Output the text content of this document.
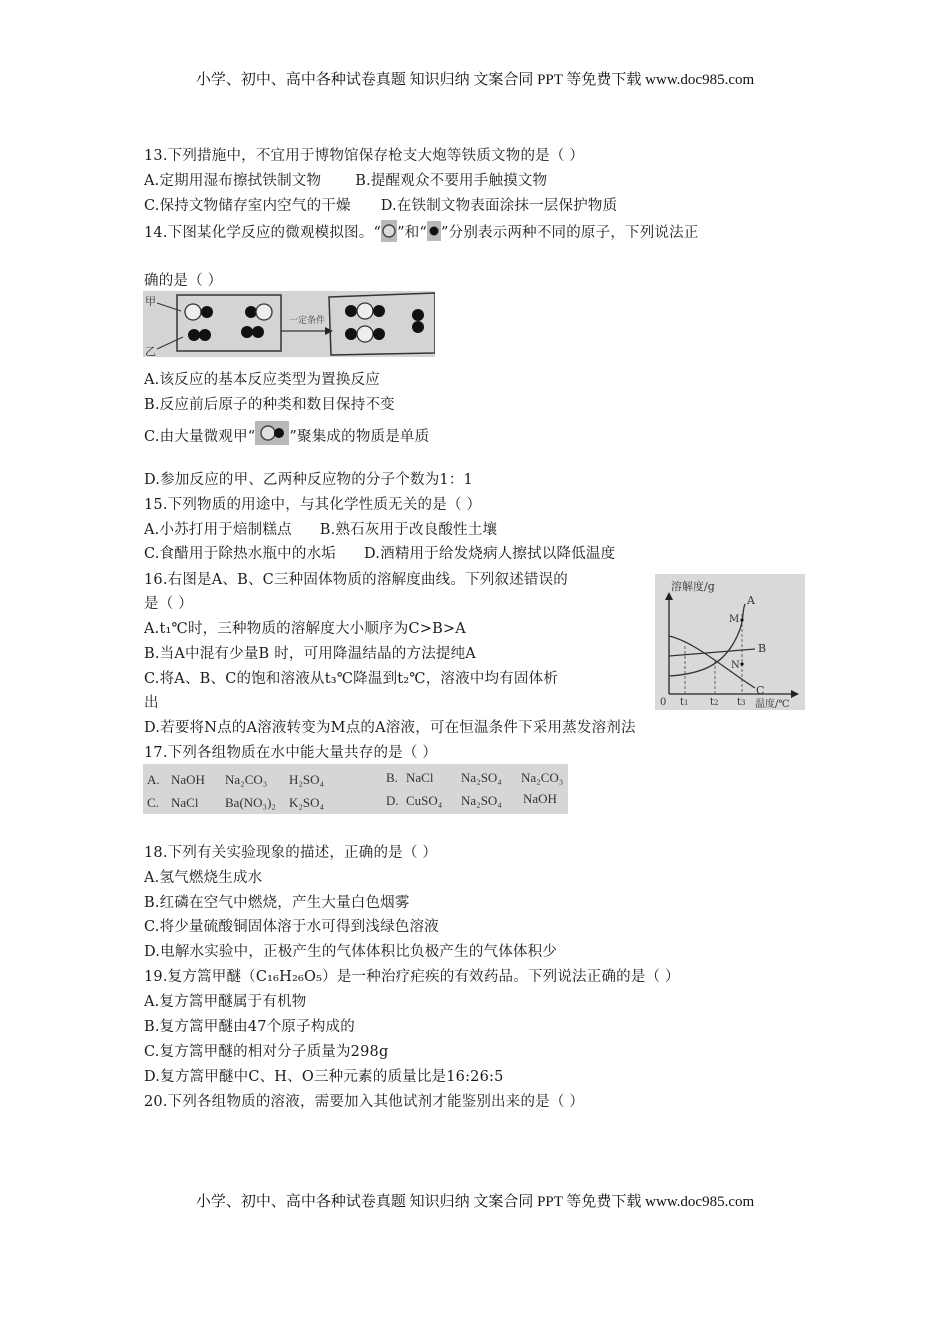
小学、初中、高中各种试卷真题 知识归纳 文案合同 PPT 等免费下载 www.doc985.com
13.下列措施中，不宜用于博物馆保存枪支大炮等铁质文物的是（ ）
A.定期用湿布擦拭铁制文物 B.提醒观众不要用手触摸文物
C.保持文物储存室内空气的干燥 D.在铁制文物表面涂抹一层保护物质
14.下图某化学反应的微观模拟图。“ ”和“ ”分别表示两种不同的原子，下列说法正
确的是（ ）
甲
乙
一定条件
A.该反应的基本反应类型为置换反应
B.反应前后原子的种类和数目保持不变
C.由大量微观甲“ ”聚集成的物质是单质
D.参加反应的甲、乙两种反应物的分子个数为1：1
15.下列物质的用途中，与其化学性质无关的是（ ）
A.小苏打用于焙制糕点 B.熟石灰用于改良酸性土壤
C.食醋用于除热水瓶中的水垢 D.酒精用于给发烧病人擦拭以降低温度
16.右图是A、B、C三种固体物质的溶解度曲线。下列叙述错误的
是（ ）
A.t₁℃时，三种物质的溶解度大小顺序为C>B>A
B.当A中混有少量B 时，可用降温结晶的方法提纯A
C.将A、B、C的饱和溶液从t₃℃降温到t₂℃，溶液中均有固体析
出
D.若要将N点的A溶液转变为M点的A溶液，可在恒温条件下采用蒸发溶剂法
溶解度/g
A
M
B
N
C
0 t1 t2 t3 温度/℃
17.下列各组物质在水中能大量共存的是（ ）
A. NaOH Na₂CO₃ H₂SO₄	B. NaCl Na₂SO₄ Na₂CO₃
C. NaCl Ba(NO₃)₂ K₂SO₄	D. CuSO₄ Na₂SO₄ NaOH
18.下列有关实验现象的描述，正确的是（ ）
A.氢气燃烧生成水
B.红磷在空气中燃烧，产生大量白色烟雾
C.将少量硫酸铜固体溶于水可得到浅绿色溶液
D.电解水实验中，正极产生的气体体积比负极产生的气体体积少
19.复方篙甲醚（C₁₆H₂₆O₅）是一种治疗疟疾的有效药品。下列说法正确的是（ ）
A.复方篙甲醚属于有机物
B.复方篙甲醚由47个原子构成的
C.复方篙甲醚的相对分子质量为298g
D.复方篙甲醚中C、H、O三种元素的质量比是16:26:5
20.下列各组物质的溶液，需要加入其他试剂才能鉴别出来的是（ ）
小学、初中、高中各种试卷真题 知识归纳 文案合同 PPT 等免费下载 www.doc985.com
